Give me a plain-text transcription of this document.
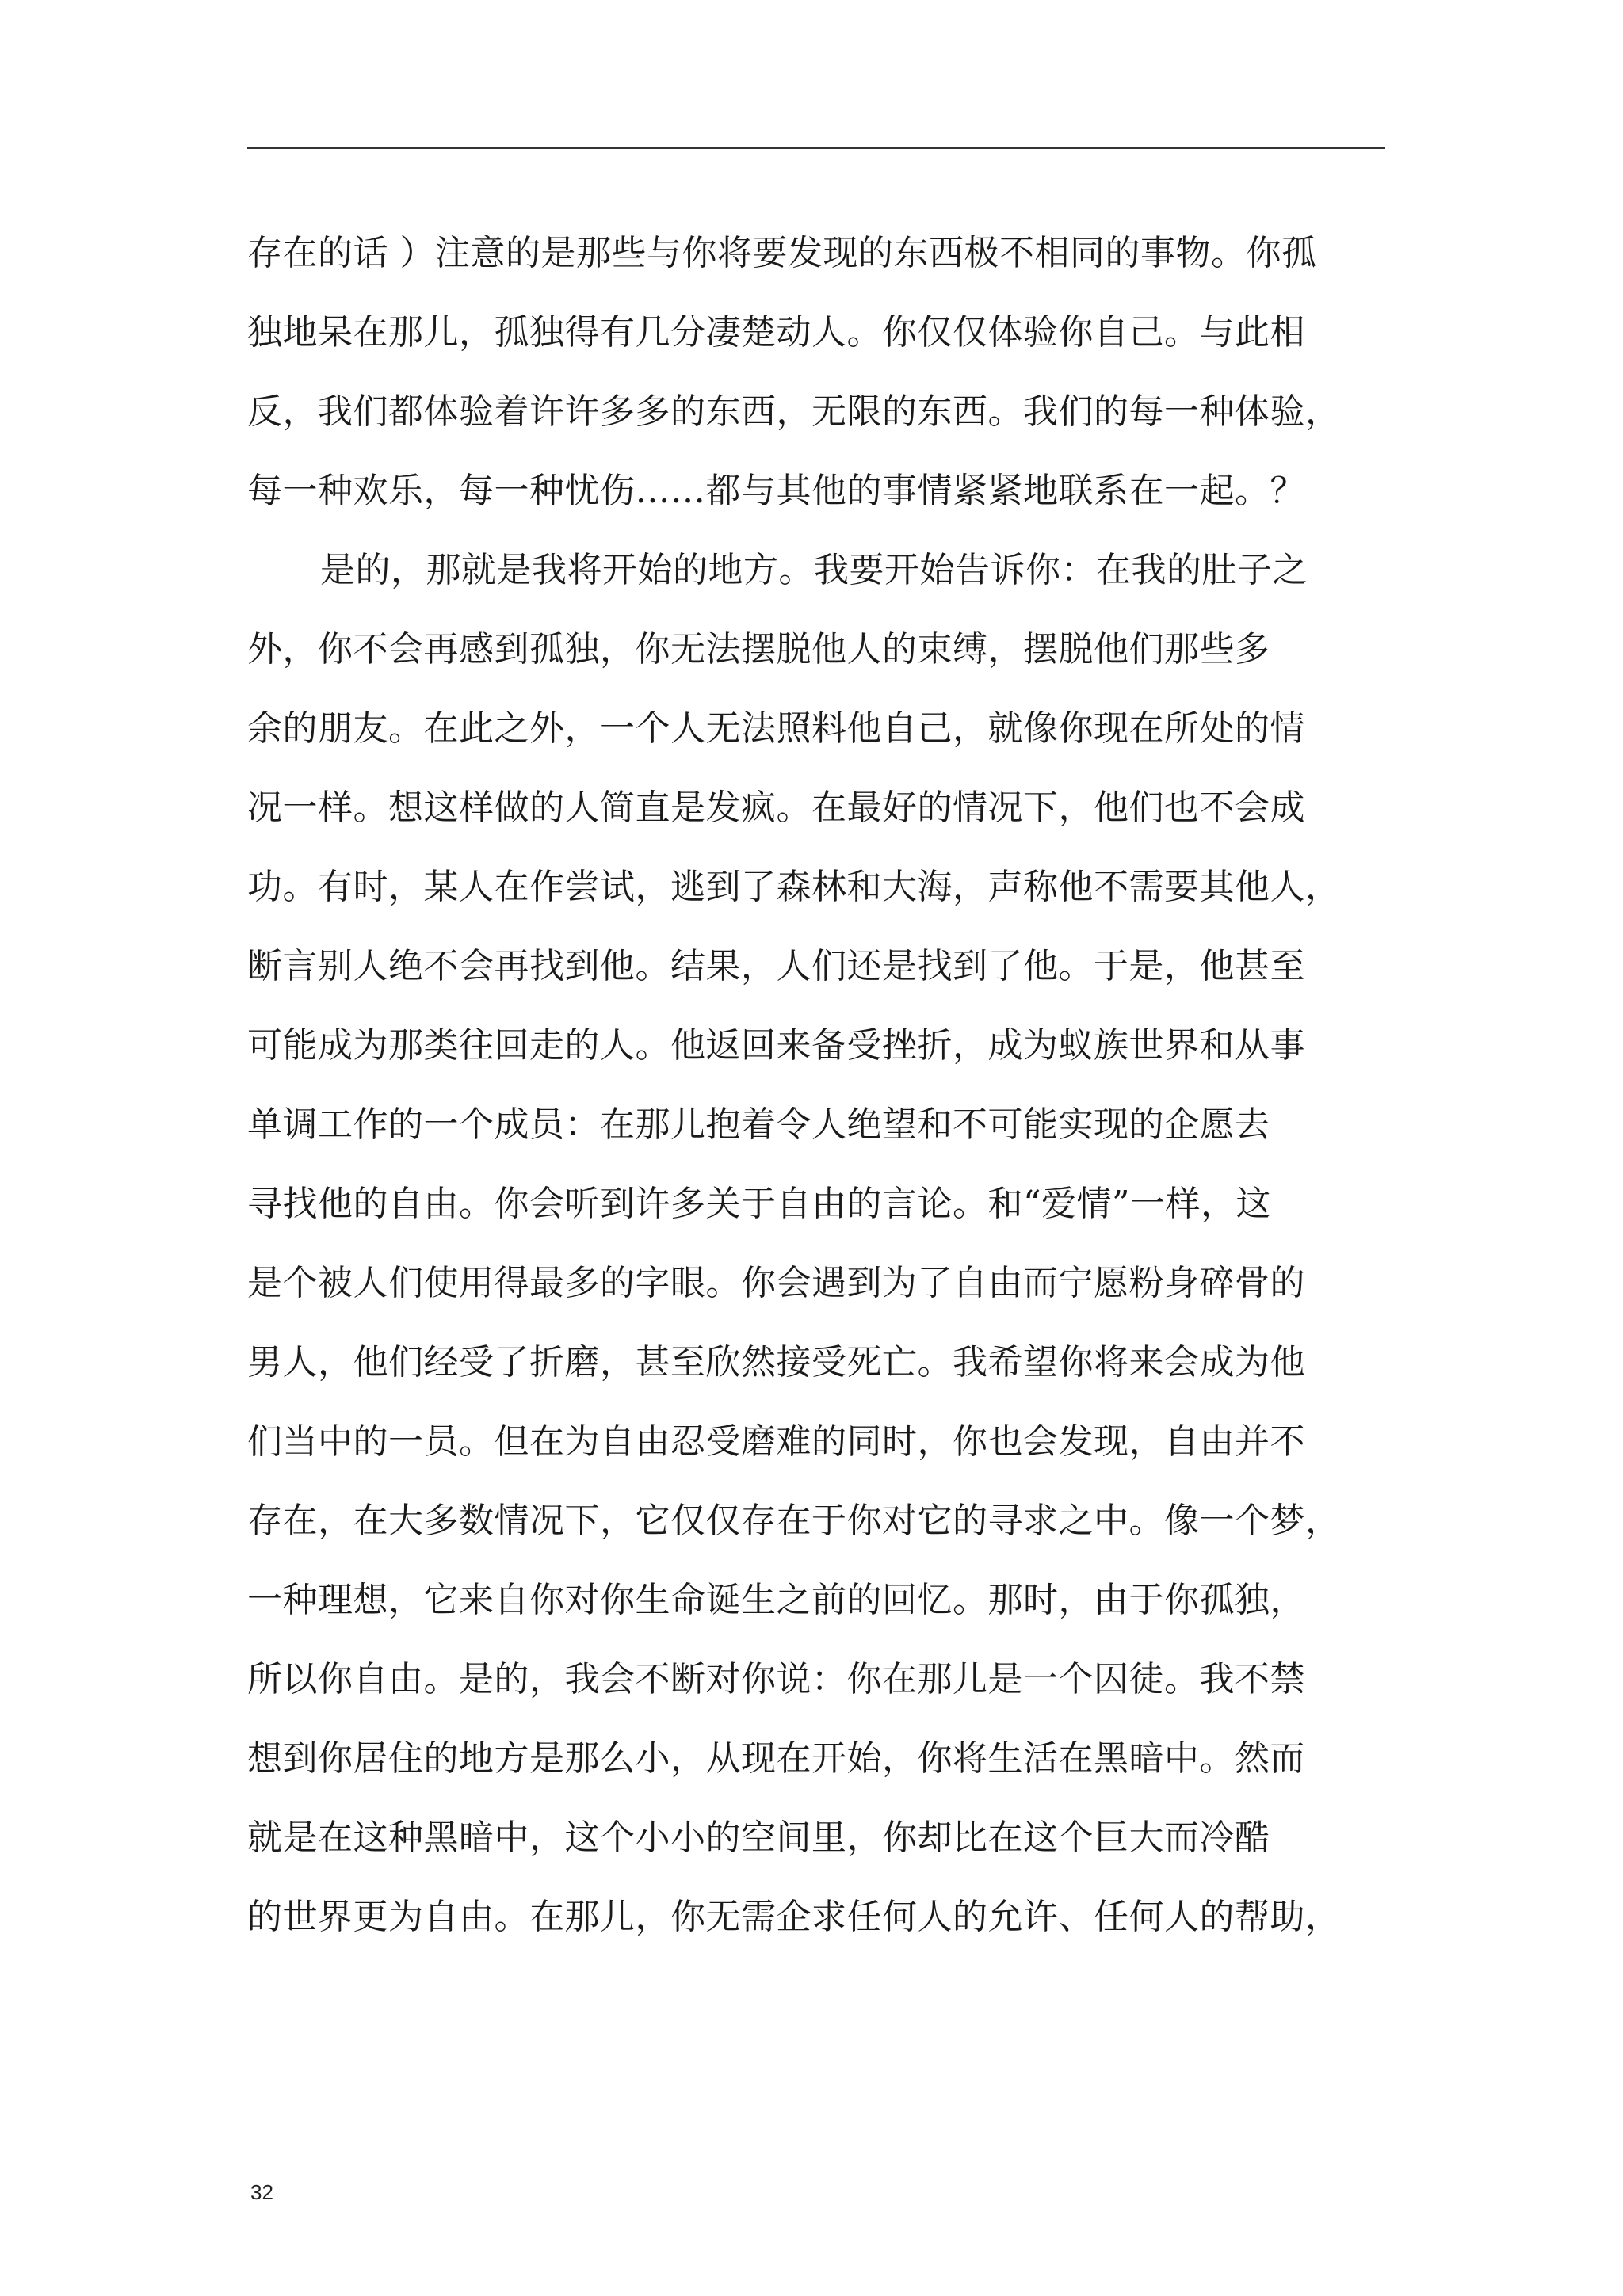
存在的话 ）注意的是那些与你将要发现的东西极不相同的事物。你孤
独地呆在那儿，孤独得有几分凄楚动人。你仅仅体验你自己。与此相
反，我们都体验着许许多多的东西，无限的东西。我们的每一种体验，
每一种欢乐，每一种忧伤……都与其他的事情紧紧地联系在一起。？
是的，那就是我将开始的地方。我要开始告诉你：在我的肚子之
外，你不会再感到孤独，你无法摆脱他人的束缚，摆脱他们那些多
余的朋友。在此之外，一个人无法照料他自己，就像你现在所处的情
况一样。想这样做的人简直是发疯。在最好的情况下，他们也不会成
功。有时，某人在作尝试，逃到了森林和大海，声称他不需要其他人，
断言别人绝不会再找到他。结果，人们还是找到了他。于是，他甚至
可能成为那类往回走的人。他返回来备受挫折，成为蚁族世界和从事
单调工作的一个成员：在那儿抱着令人绝望和不可能实现的企愿去
寻找他的自由。你会听到许多关于自由的言论。和“爱情”一样，这
是个被人们使用得最多的字眼。你会遇到为了自由而宁愿粉身碎骨的
男人，他们经受了折磨，甚至欣然接受死亡。我希望你将来会成为他
们当中的一员。但在为自由忍受磨难的同时，你也会发现，自由并不
存在，在大多数情况下，它仅仅存在于你对它的寻求之中。像一个梦，
一种理想，它来自你对你生命诞生之前的回忆。那时，由于你孤独，
所以你自由。是的，我会不断对你说：你在那儿是一个囚徒。我不禁
想到你居住的地方是那么小，从现在开始，你将生活在黑暗中。然而
就是在这种黑暗中，这个小小的空间里，你却比在这个巨大而冷酷
的世界更为自由。在那儿，你无需企求任何人的允许、任何人的帮助，
32
